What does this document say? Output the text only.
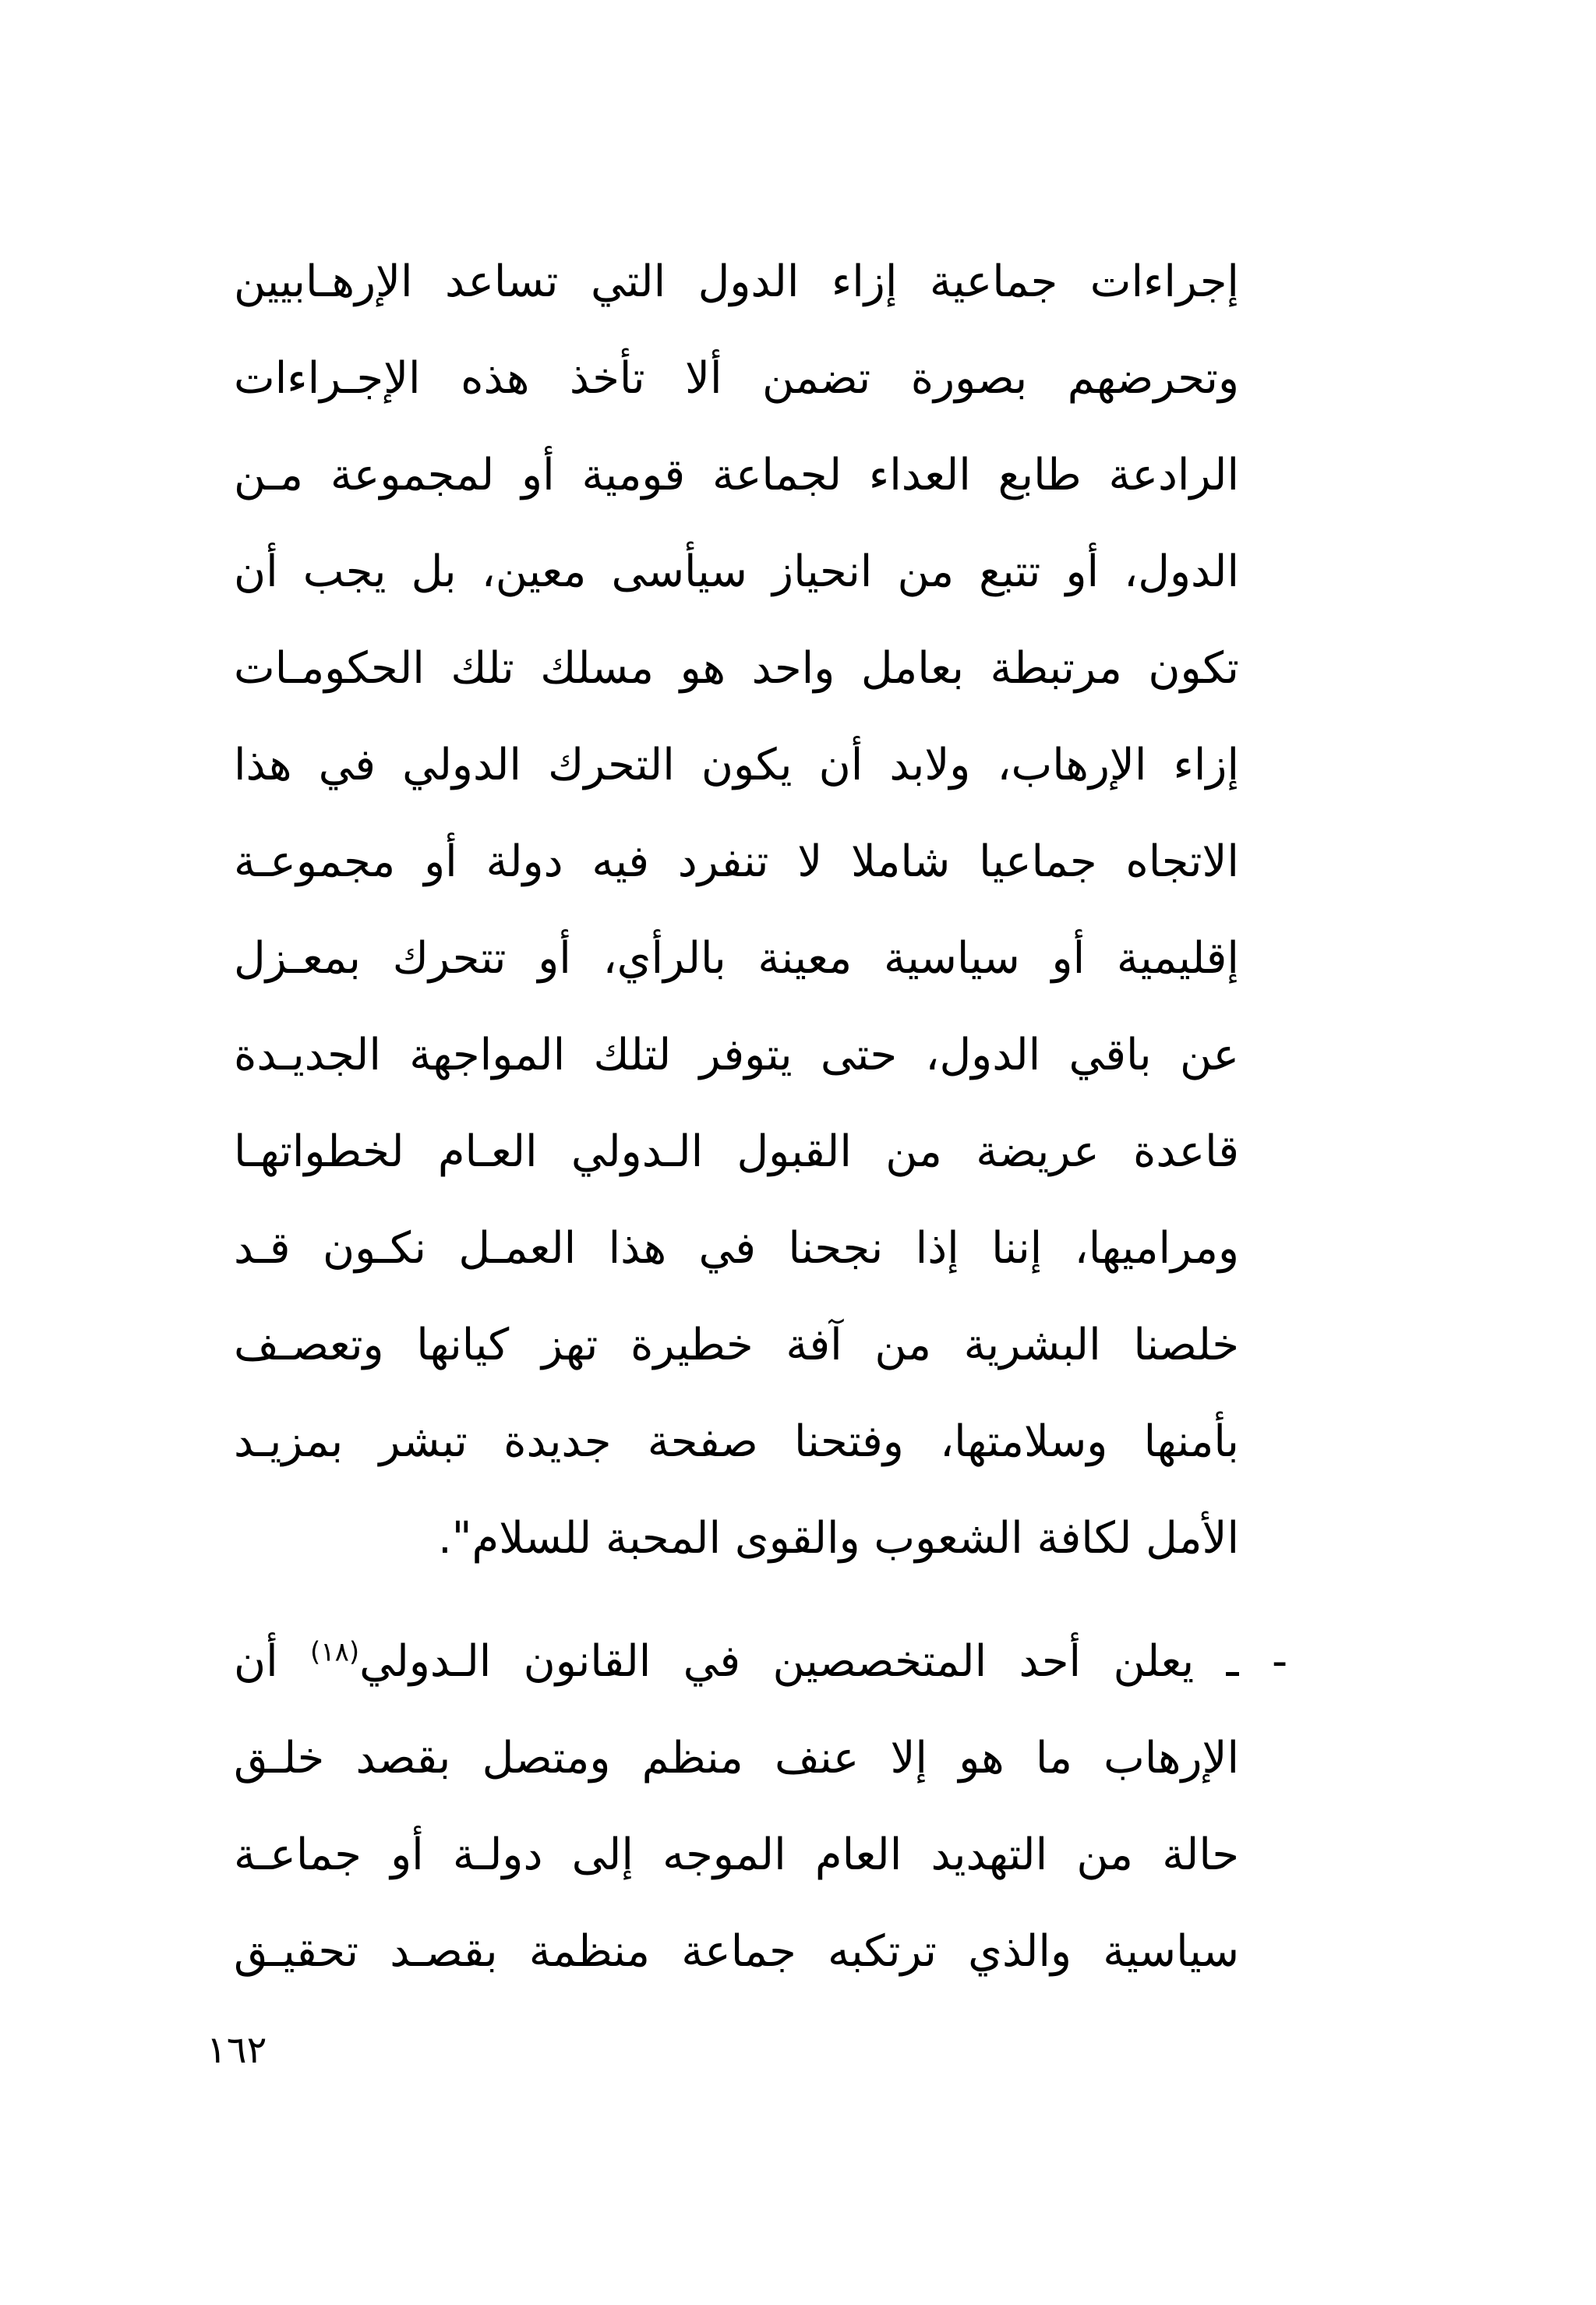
إجراءات جماعية إزاء الدول التي تساعد الإرهـابيين
وتحرضهم بصورة تضمن ألا تأخذ هذه الإجـراءات
الرادعة طابع العداء لجماعة قومية أو لمجموعة مـن
الدول، أو تتبع من انحياز سيأسى معين، بل يجب أن
تكون مرتبطة بعامل واحد هو مسلك تلك الحكومـات
إزاء الإرهاب، ولابد أن يكون التحرك الدولي في هذا
الاتجاه جماعيا شاملا لا تنفرد فيه دولة أو مجموعـة
إقليمية أو سياسية معينة بالرأي، أو تتحرك بمعـزل
عن باقي الدول، حتى يتوفر لتلك المواجهة الجديـدة
قاعدة عريضة من القبول الـدولي العـام لخطواتهـا
ومراميها، إننا إذا نجحنا في هذا العمـل نكـون قـد
خلصنا البشرية من آفة خطيرة تهز كيانها وتعصـف
بأمنها وسلامتها، وفتحنا صفحة جديدة تبشر بمزيـد
الأمل لكافة الشعوب والقوى المحبة للسلام".
-
ـ يعلن أحد المتخصصين في القانون الـدولي$^{(١٨)}$ أن
الإرهاب ما هو إلا عنف منظم ومتصل بقصد خلـق
حالة من التهديد العام الموجه إلى دولـة أو جماعـة
سياسية والذي ترتكبه جماعة منظمة بقصـد تحقيـق
١٦٢
